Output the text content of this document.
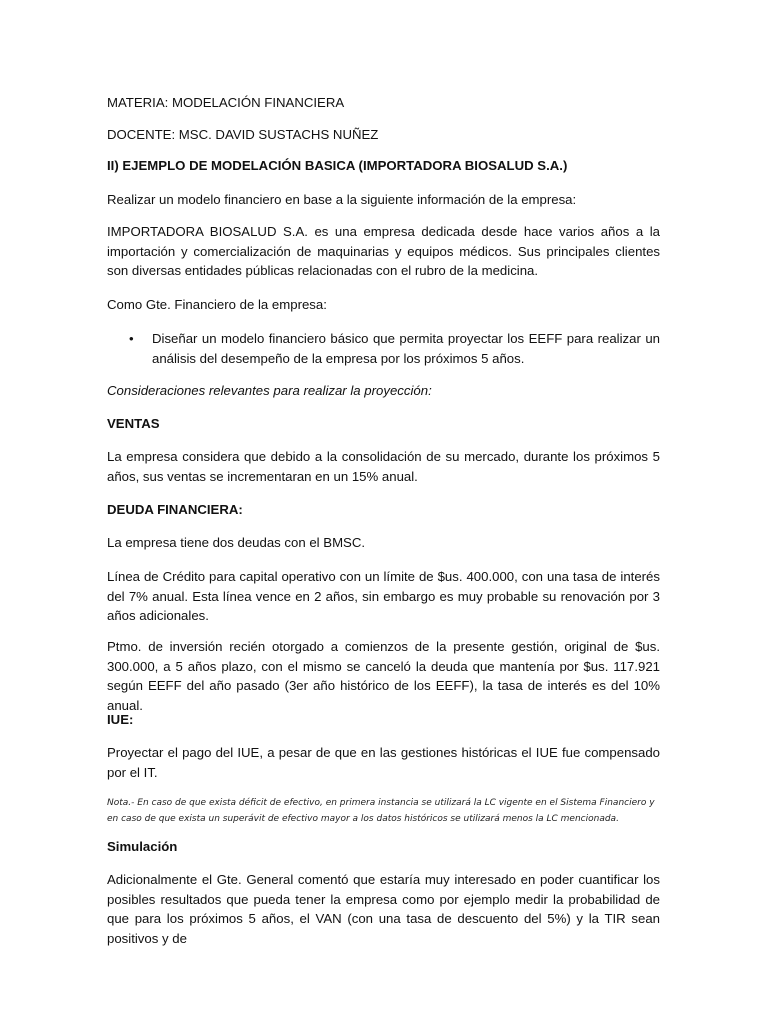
MATERIA: MODELACIÓN FINANCIERA

DOCENTE: MSC. DAVID SUSTACHS NUÑEZ

II) EJEMPLO DE MODELACIÓN BASICA (IMPORTADORA BIOSALUD S.A.)

Realizar un modelo financiero en base a la siguiente información de la empresa:

IMPORTADORA BIOSALUD S.A. es una empresa dedicada desde hace varios años a la importación y comercialización de maquinarias y equipos médicos. Sus principales clientes son diversas entidades públicas relacionadas con el rubro de la medicina.

Como Gte. Financiero de la empresa:

• Diseñar un modelo financiero básico que permita proyectar los EEFF para realizar un análisis del desempeño de la empresa por los próximos 5 años.

Consideraciones relevantes para realizar la proyección:

VENTAS

La empresa considera que debido a la consolidación de su mercado, durante los próximos 5 años, sus ventas se incrementaran en un 15% anual.

DEUDA FINANCIERA:

La empresa tiene dos deudas con el BMSC.

Línea de Crédito para capital operativo con un límite de $us. 400.000, con una tasa de interés del 7% anual. Esta línea vence en 2 años, sin embargo es muy probable su renovación por 3 años adicionales.

Ptmo. de inversión recién otorgado a comienzos de la presente gestión, original de $us. 300.000, a 5 años plazo, con el mismo se canceló la deuda que mantenía por $us. 117.921 según EEFF del año pasado (3er año histórico de los EEFF), la tasa de interés es del 10% anual.

IUE:

Proyectar el pago del IUE, a pesar de que en las gestiones históricas el IUE fue compensado por el IT.

Nota.- En caso de que exista déficit de efectivo, en primera instancia se utilizará la LC vigente en el Sistema Financiero y en caso de que exista un superávit de efectivo mayor a los datos históricos se utilizará menos la LC mencionada.

Simulación

Adicionalmente el Gte. General comentó que estaría muy interesado en poder cuantificar los posibles resultados que pueda tener la empresa como por ejemplo medir la probabilidad de que para los próximos 5 años, el VAN (con una tasa de descuento del 5%) y la TIR sean positivos y de
